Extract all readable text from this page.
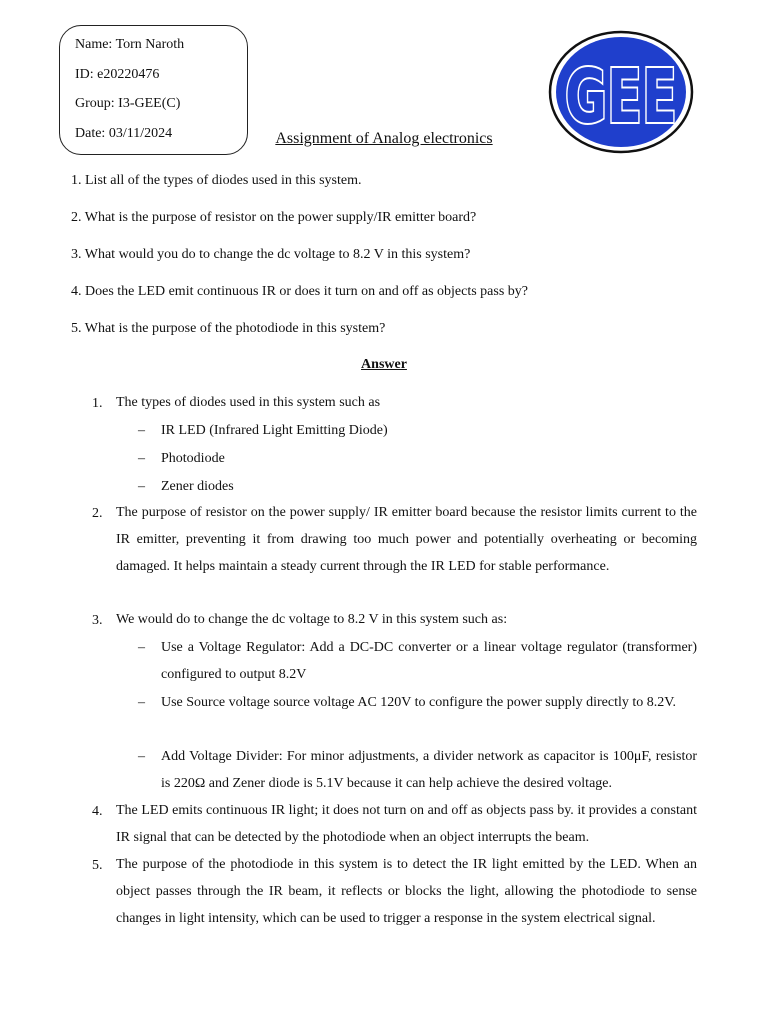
Name: Torn Naroth
ID: e20220476
Group: I3-GEE(C)
Date: 03/11/2024	GEE
Assignment of Analog electronics
1. List all of the types of diodes used in this system.
2. What is the purpose of resistor on the power supply/IR emitter board?
3. What would you do to change the dc voltage to 8.2 V in this system?
4. Does the LED emit continuous IR or does it turn on and off as objects pass by?
5. What is the purpose of the photodiode in this system?
Answer
1. The types of diodes used in this system such as
– IR LED (Infrared Light Emitting Diode)
– Photodiode
– Zener diodes
2. The purpose of resistor on the power supply/ IR emitter board because the resistor limits current to the IR emitter, preventing it from drawing too much power and potentially overheating or becoming damaged. It helps maintain a steady current through the IR LED for stable performance.
3. We would do to change the dc voltage to 8.2 V in this system such as:
– Use a Voltage Regulator: Add a DC-DC converter or a linear voltage regulator (transformer) configured to output 8.2V
– Use Source voltage source voltage AC 120V to configure the power supply directly to 8.2V.
– Add Voltage Divider: For minor adjustments, a divider network as capacitor is 100μF, resistor is 220Ω and Zener diode is 5.1V because it can help achieve the desired voltage.
4. The LED emits continuous IR light; it does not turn on and off as objects pass by. it provides a constant IR signal that can be detected by the photodiode when an object interrupts the beam.
5. The purpose of the photodiode in this system is to detect the IR light emitted by the LED. When an object passes through the IR beam, it reflects or blocks the light, allowing the photodiode to sense changes in light intensity, which can be used to trigger a response in the system electrical signal.
